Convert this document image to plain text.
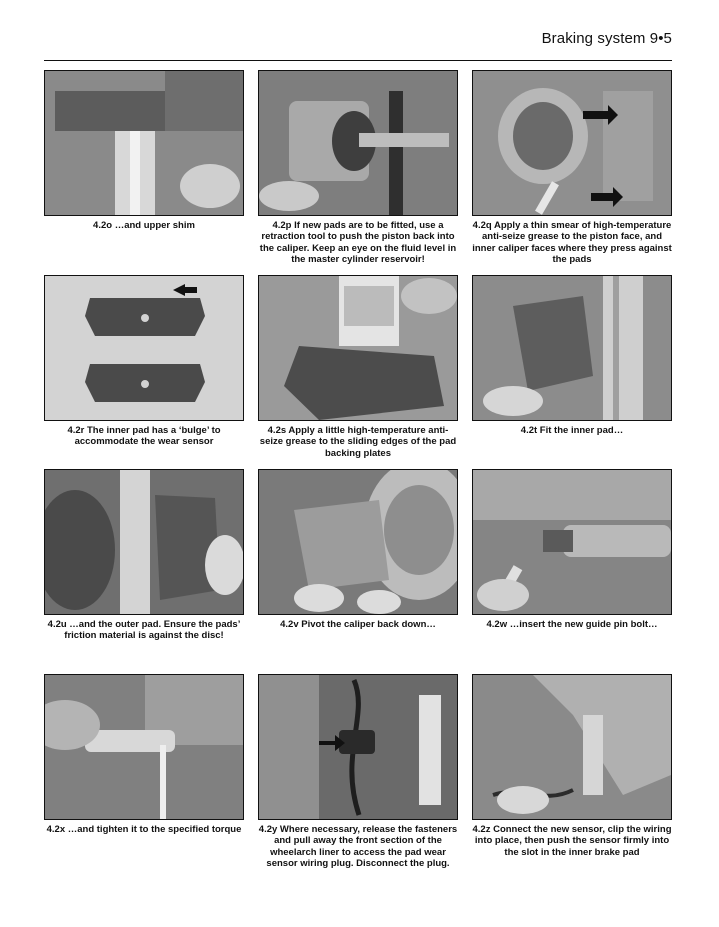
Braking system 9•5
4.2o …and upper shim	4.2p If new pads are to be fitted, use a retraction tool to push the piston back into the caliper. Keep an eye on the fluid level in the master cylinder reservoir!
4.2q Apply a thin smear of high-temperature anti-seize grease to the piston face, and inner caliper faces where they press against the pads
4.2r The inner pad has a ‘bulge’ to accommodate the wear sensor
4.2s Apply a little high-temperature anti-seize grease to the sliding edges of the pad backing plates
4.2t Fit the inner pad…
4.2u …and the outer pad. Ensure the pads’ friction material is against the disc!
4.2v Pivot the caliper back down…	4.2w …insert the new guide pin bolt…
4.2x …and tighten it to the specified torque 4.2y Where necessary, release the fasteners and pull away the front section of the wheelarch liner to access the pad wear sensor wiring plug. Disconnect the plug.
4.2z Connect the new sensor, clip the wiring into place, then push the sensor firmly into the slot in the inner brake pad
